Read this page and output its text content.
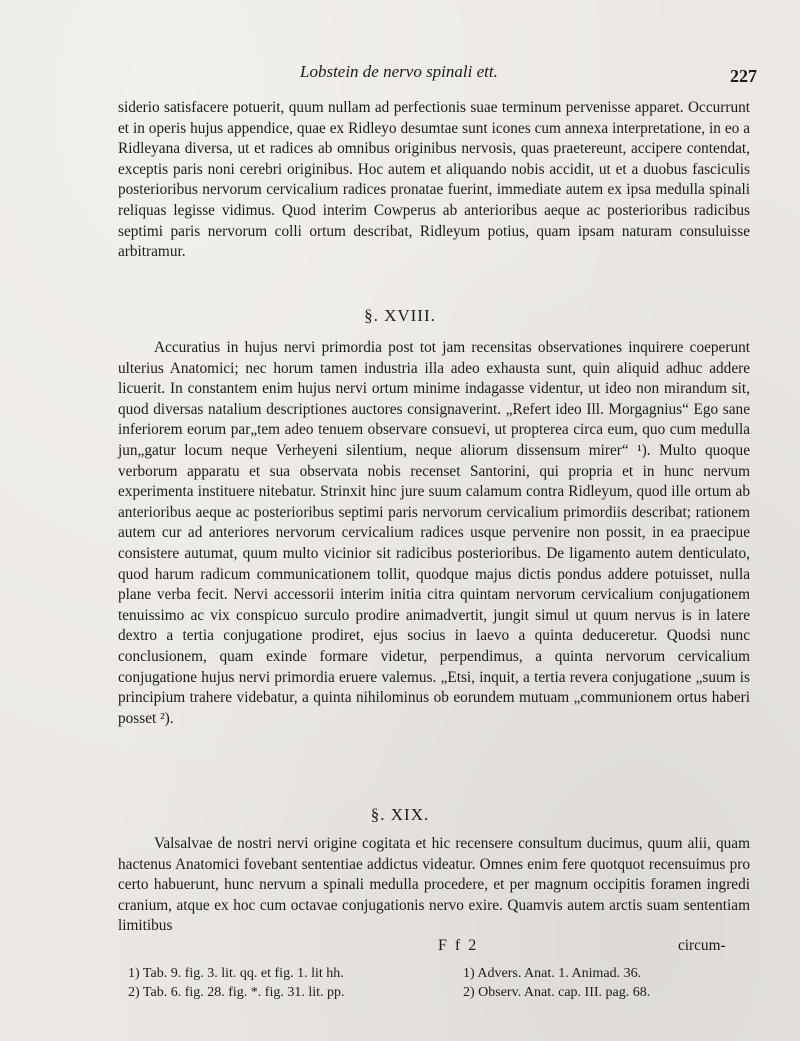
Lobstein de nervo spinali ett.	227

siderio satisfacere potuerit, quum nullam ad perfectionis suae terminum pervenisse apparet. Occurrunt et in operis hujus appendice, quae ex Ridleyo desumtae sunt icones cum annexa interpretatione, in eo a Ridleyana diversa, ut et radices ab omnibus originibus nervosis, quas praetereunt, accipere contendat, exceptis paris noni cerebri originibus. Hoc autem et aliquando nobis accidit, ut et a duobus fasciculis posterioribus nervorum cervicalium radices pronatae fuerint, immediate autem ex ipsa medulla spinali reliquas legisse vidimus. Quod interim Cowperus ab anterioribus aeque ac posterioribus radicibus septimi paris nervorum colli ortum describat, Ridleyum potius, quam ipsam naturam consuluisse arbitramur.

§. XVIII.

Accuratius in hujus nervi primordia post tot jam recensitas observationes inquirere coeperunt ulterius Anatomici; nec horum tamen industria illa adeo exhausta sunt, quin aliquid adhuc addere licuerit. In constantem enim hujus nervi ortum minime indagasse videntur, ut ideo non mirandum sit, quod diversas natalium descriptiones auctores consignaverint. „Refert ideo Ill. Morgagnius“ Ego sane inferiorem eorum par„tem adeo tenuem observare consuevi, ut propterea circa eum, quo cum medulla jun„gatur locum neque Verheyeni silentium, neque aliorum dissensum mirer“ ¹). Multo quoque verborum apparatu et sua observata nobis recenset Santorini, qui propria et in hunc nervum experimenta instituere nitebatur. Strinxit hinc jure suum calamum contra Ridleyum, quod ille ortum ab anterioribus aeque ac posterioribus septimi paris nervorum cervicalium primordiis describat; rationem autem cur ad anteriores nervorum cervicalium radices usque pervenire non possit, in ea praecipue consistere autumat, quum multo vicinior sit radicibus posterioribus. De ligamento autem denticulato, quod harum radicum communicationem tollit, quodque majus dictis pondus addere potuisset, nulla plane verba fecit. Nervi accessorii interim initia citra quintam nervorum cervicalium conjugationem tenuissimo ac vix conspicuo surculo prodire animadvertit, jungit simul ut quum nervus is in latere dextro a tertia conjugatione prodiret, ejus socius in laevo a quinta deduceretur. Quodsi nunc conclusionem, quam exinde formare videtur, perpendimus, a quinta nervorum cervicalium conjugatione hujus nervi primordia eruere valemus. „Etsi, inquit, a tertia revera conjugatione „suum is principium trahere videbatur, a quinta nihilominus ob eorundem mutuam „communionem ortus haberi posset ²).

§. XIX.

Valsalvae de nostri nervi origine cogitata et hic recensere consultum ducimus, quum alii, quam hactenus Anatomici fovebant sententiae addictus videatur. Omnes enim fere quotquot recensuimus pro certo habuerunt, hunc nervum a spinali medulla procedere, et per magnum occipitis foramen ingredi cranium, atque ex hoc cum octavae conjugationis nervo exire. Quamvis autem arctis suam sententiam limitibus

F f 2	circum-
1) Tab. 9. fig. 3. lit. qq. et fig. 1. lit hh.
2) Tab. 6. fig. 28. fig. *. fig. 31. lit. pp.
1) Advers. Anat. 1. Animad. 36.
2) Observ. Anat. cap. III. pag. 68.
